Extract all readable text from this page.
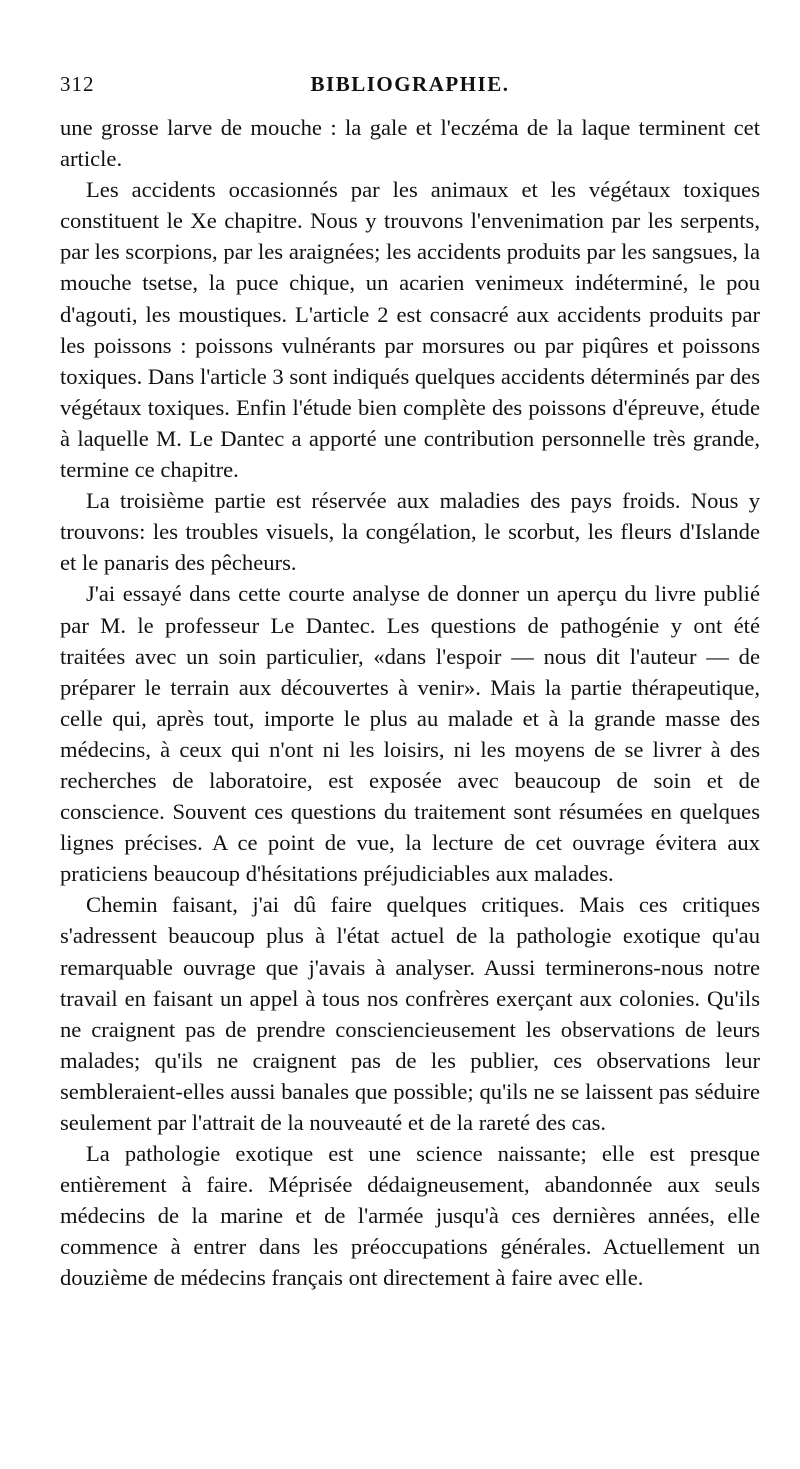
312	BIBLIOGRAPHIE.

une grosse larve de mouche : la gale et l'eczéma de la laque terminent cet article.

Les accidents occasionnés par les animaux et les végétaux toxiques constituent le Xe chapitre. Nous y trouvons l'envenimation par les serpents, par les scorpions, par les araignées; les accidents produits par les sangsues, la mouche tsetse, la puce chique, un acarien venimeux indéterminé, le pou d'agouti, les moustiques. L'article 2 est consacré aux accidents produits par les poissons : poissons vulnérants par morsures ou par piqûres et poissons toxiques. Dans l'article 3 sont indiqués quelques accidents déterminés par des végétaux toxiques. Enfin l'étude bien complète des poissons d'épreuve, étude à laquelle M. Le Dantec a apporté une contribution personnelle très grande, termine ce chapitre.

La troisième partie est réservée aux maladies des pays froids. Nous y trouvons: les troubles visuels, la congélation, le scorbut, les fleurs d'Islande et le panaris des pêcheurs.

J'ai essayé dans cette courte analyse de donner un aperçu du livre publié par M. le professeur Le Dantec. Les questions de pathogénie y ont été traitées avec un soin particulier, «dans l'espoir — nous dit l'auteur — de préparer le terrain aux découvertes à venir». Mais la partie thérapeutique, celle qui, après tout, importe le plus au malade et à la grande masse des médecins, à ceux qui n'ont ni les loisirs, ni les moyens de se livrer à des recherches de laboratoire, est exposée avec beaucoup de soin et de conscience. Souvent ces questions du traitement sont résumées en quelques lignes précises. A ce point de vue, la lecture de cet ouvrage évitera aux praticiens beaucoup d'hésitations préjudiciables aux malades.

Chemin faisant, j'ai dû faire quelques critiques. Mais ces critiques s'adressent beaucoup plus à l'état actuel de la pathologie exotique qu'au remarquable ouvrage que j'avais à analyser. Aussi terminerons-nous notre travail en faisant un appel à tous nos confrères exerçant aux colonies. Qu'ils ne craignent pas de prendre consciencieusement les observations de leurs malades; qu'ils ne craignent pas de les publier, ces observations leur sembleraient-elles aussi banales que possible; qu'ils ne se laissent pas séduire seulement par l'attrait de la nouveauté et de la rareté des cas.

La pathologie exotique est une science naissante; elle est presque entièrement à faire. Méprisée dédaigneusement, abandonnée aux seuls médecins de la marine et de l'armée jusqu'à ces dernières années, elle commence à entrer dans les préoccupations générales. Actuellement un douzième de médecins français ont directement à faire avec elle.
